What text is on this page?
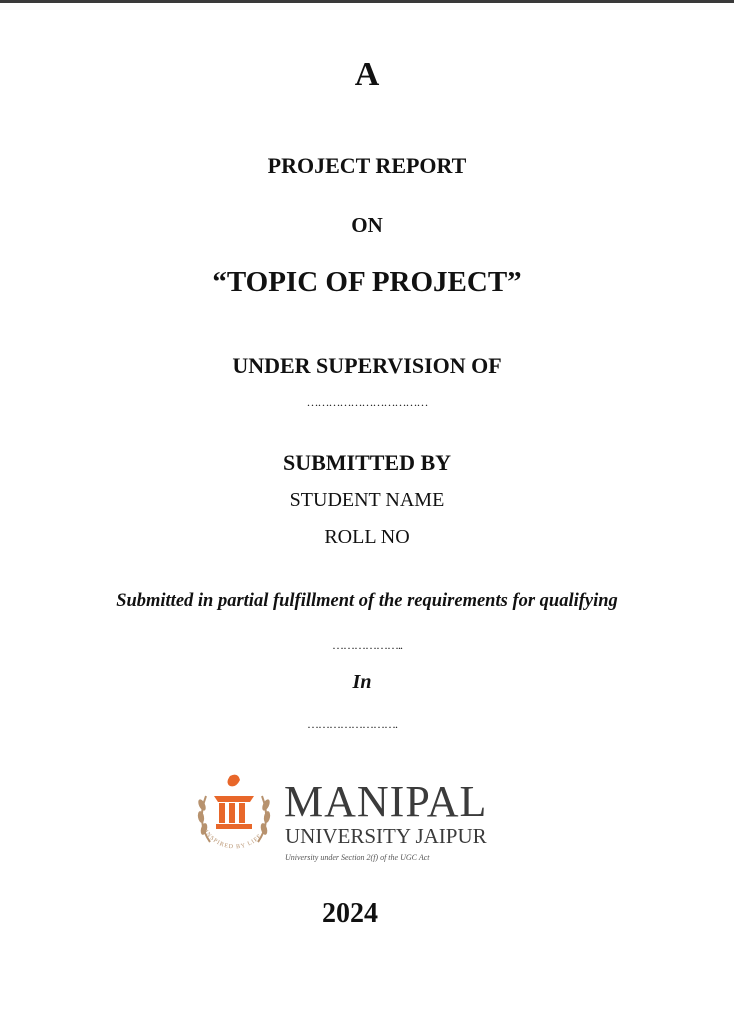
A
PROJECT REPORT
ON
“TOPIC OF PROJECT”
UNDER SUPERVISION OF
……………………………
SUBMITTED BY
STUDENT NAME
ROLL NO
Submitted in partial fulfillment of the requirements for qualifying
………………..
In
…………………….
INSPIRED BY LIFE
MANIPAL
UNIVERSITY JAIPUR
University under Section 2(f) of the UGC Act
2024
